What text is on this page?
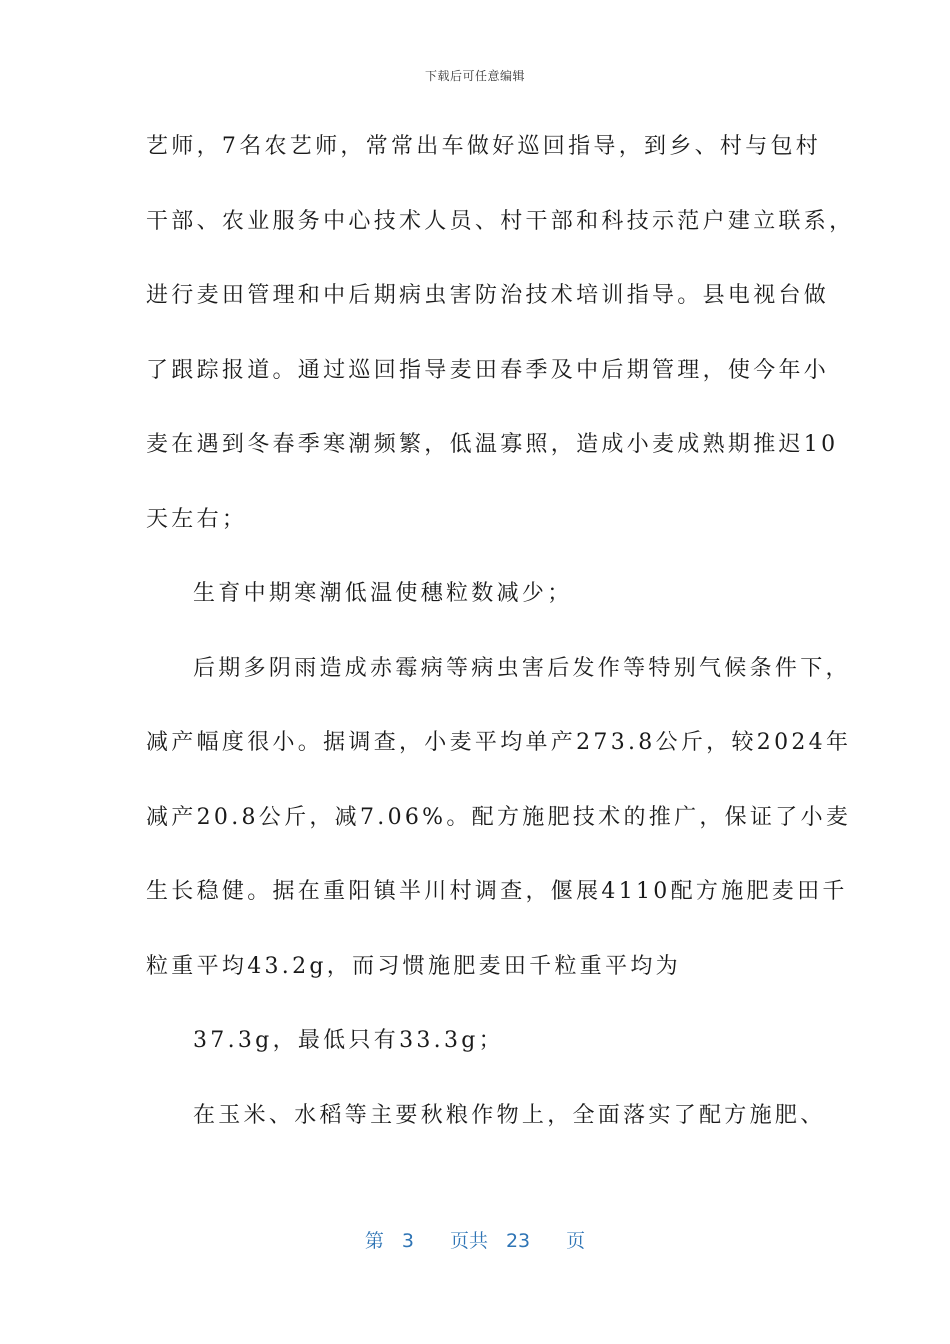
下载后可任意编辑
艺师，7名农艺师，常常出车做好巡回指导，到乡、村与包村
干部、农业服务中心技术人员、村干部和科技示范户建立联系，
进行麦田管理和中后期病虫害防治技术培训指导。县电视台做
了跟踪报道。通过巡回指导麦田春季及中后期管理，使今年小
麦在遇到冬春季寒潮频繁，低温寡照，造成小麦成熟期推迟10
天左右；
生育中期寒潮低温使穗粒数减少；
后期多阴雨造成赤霉病等病虫害后发作等特别气候条件下，
减产幅度很小。据调查，小麦平均单产273.8公斤，较2024年
减产20.8公斤，减7.06%。配方施肥技术的推广，保证了小麦
生长稳健。据在重阳镇半川村调查，偃展4110配方施肥麦田千
粒重平均43.2g，而习惯施肥麦田千粒重平均为
37.3g，最低只有33.3g；
在玉米、水稻等主要秋粮作物上，全面落实了配方施肥、
第 3 页共 23 页
